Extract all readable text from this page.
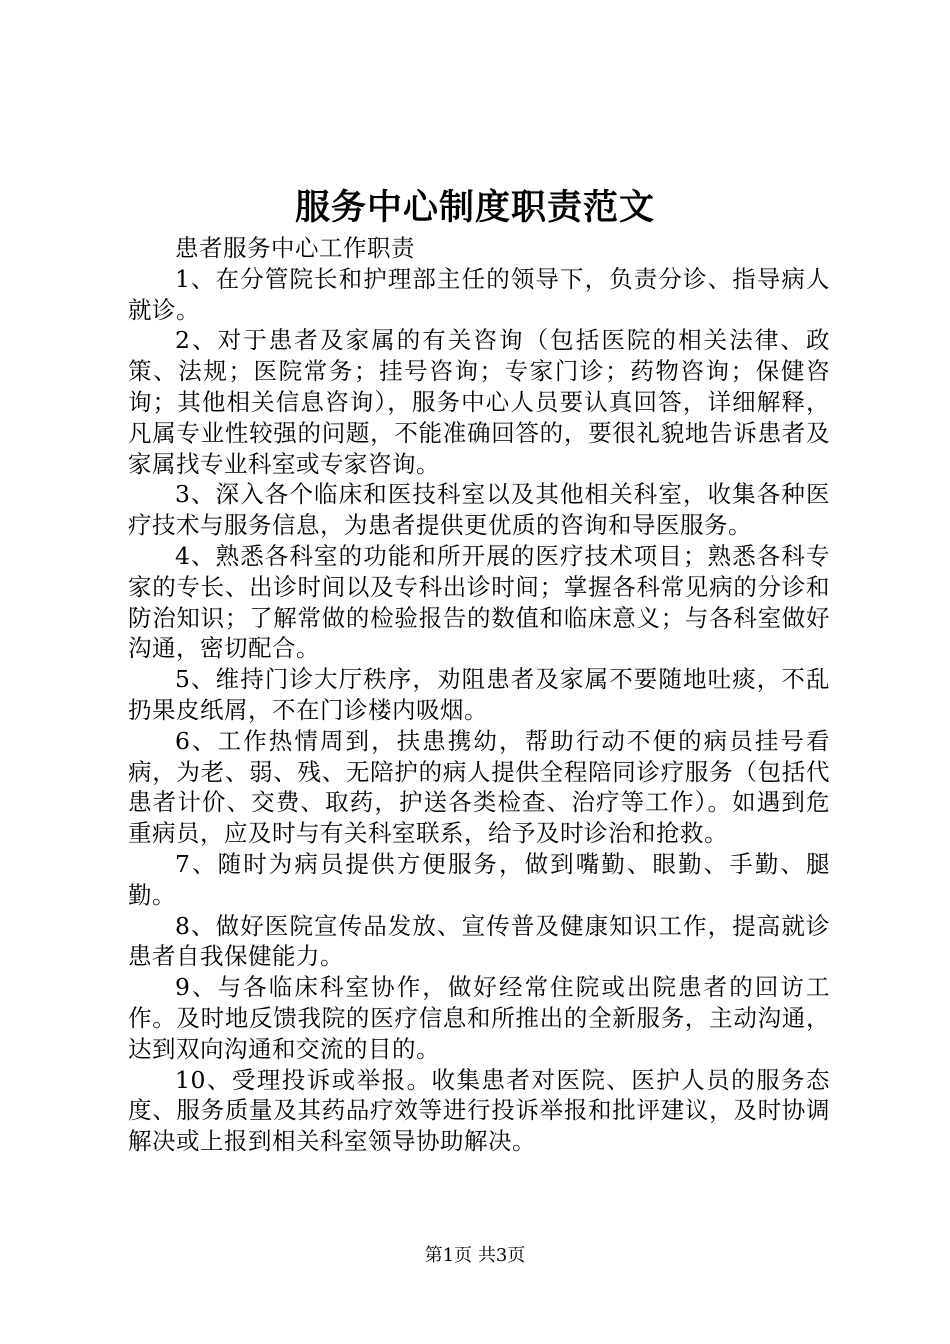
服务中心制度职责范文

患者服务中心工作职责

1、在分管院长和护理部主任的领导下，负责分诊、指导病人就诊。

2、对于患者及家属的有关咨询（包括医院的相关法律、政策、法规；医院常务；挂号咨询；专家门诊；药物咨询；保健咨询；其他相关信息咨询），服务中心人员要认真回答，详细解释，凡属专业性较强的问题，不能准确回答的，要很礼貌地告诉患者及家属找专业科室或专家咨询。

3、深入各个临床和医技科室以及其他相关科室，收集各种医疗技术与服务信息，为患者提供更优质的咨询和导医服务。

4、熟悉各科室的功能和所开展的医疗技术项目；熟悉各科专家的专长、出诊时间以及专科出诊时间；掌握各科常见病的分诊和防治知识；了解常做的检验报告的数值和临床意义；与各科室做好沟通，密切配合。

5、维持门诊大厅秩序，劝阻患者及家属不要随地吐痰，不乱扔果皮纸屑，不在门诊楼内吸烟。

6、工作热情周到，扶患携幼，帮助行动不便的病员挂号看病，为老、弱、残、无陪护的病人提供全程陪同诊疗服务（包括代患者计价、交费、取药，护送各类检查、治疗等工作）。如遇到危重病员，应及时与有关科室联系，给予及时诊治和抢救。

7、随时为病员提供方便服务，做到嘴勤、眼勤、手勤、腿勤。

8、做好医院宣传品发放、宣传普及健康知识工作，提高就诊患者自我保健能力。

9、与各临床科室协作，做好经常住院或出院患者的回访工作。及时地反馈我院的医疗信息和所推出的全新服务，主动沟通，达到双向沟通和交流的目的。

10、受理投诉或举报。收集患者对医院、医护人员的服务态度、服务质量及其药品疗效等进行投诉举报和批评建议，及时协调解决或上报到相关科室领导协助解决。

第1页 共3页
